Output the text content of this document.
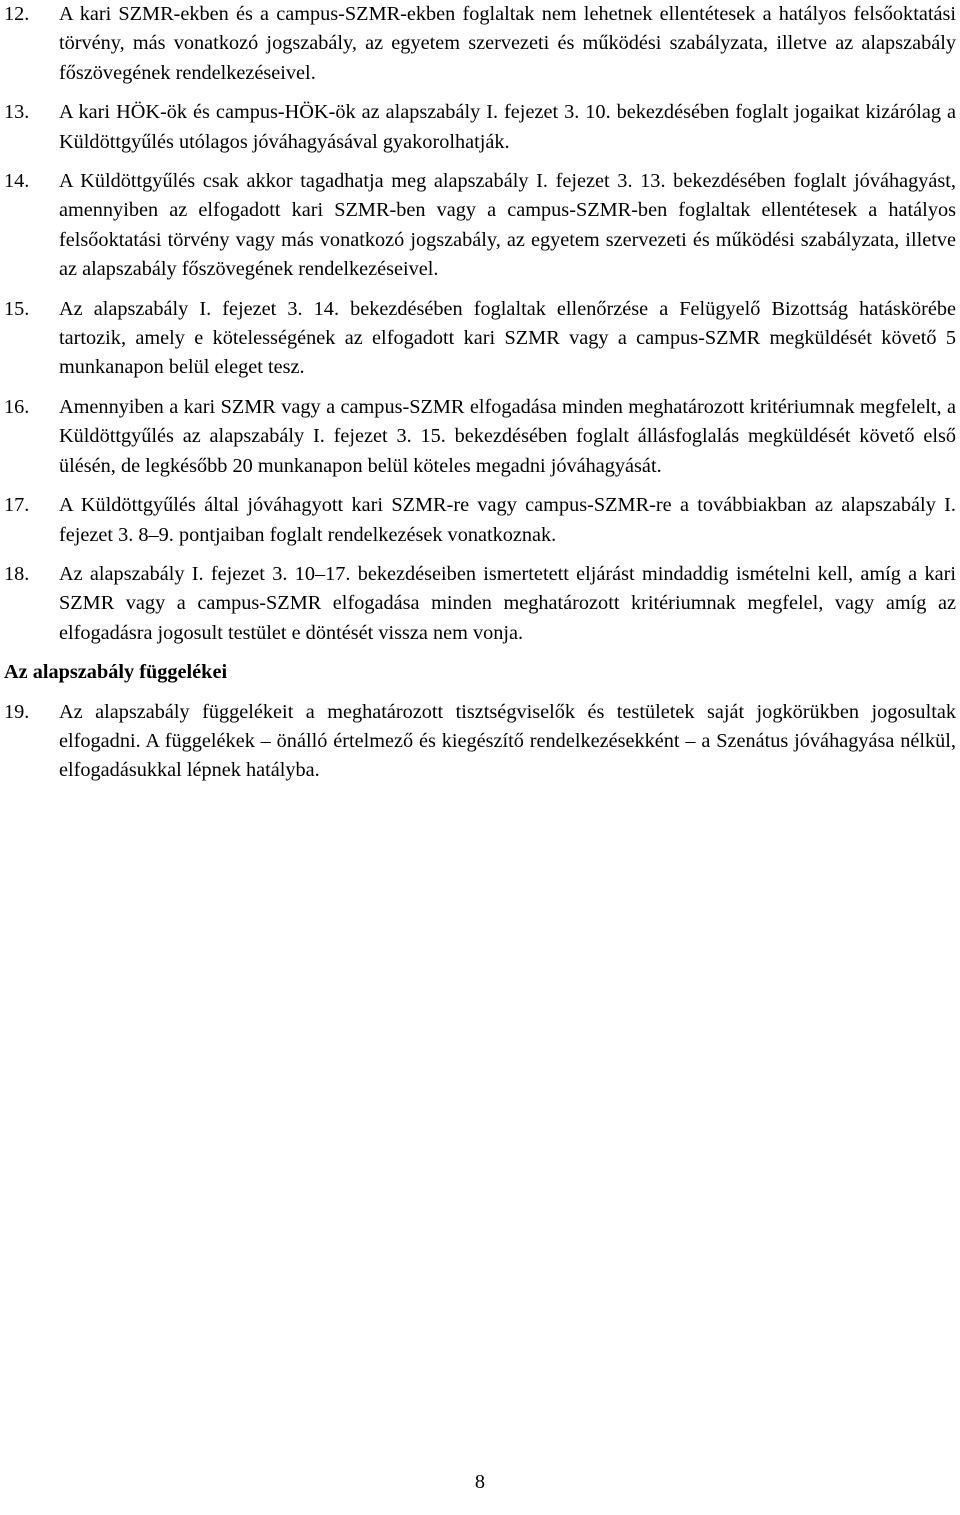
12.	A kari SZMR-ekben és a campus-SZMR-ekben foglaltak nem lehetnek ellentétesek a hatályos felsőoktatási törvény, más vonatkozó jogszabály, az egyetem szervezeti és működési szabályzata, illetve az alapszabály főszövegének rendelkezéseivel.
13.	A kari HÖK-ök és campus-HÖK-ök az alapszabály I. fejezet 3. 10. bekezdésében foglalt jogaikat kizárólag a Küldöttgyűlés utólagos jóváhagyásával gyakorolhatják.
14.	A Küldöttgyűlés csak akkor tagadhatja meg alapszabály I. fejezet 3. 13. bekezdésében foglalt jóváhagyást, amennyiben az elfogadott kari SZMR-ben vagy a campus-SZMR-ben foglaltak ellentétesek a hatályos felsőoktatási törvény vagy más vonatkozó jogszabály, az egyetem szervezeti és működési szabályzata, illetve az alapszabály főszövegének rendelkezéseivel.
15.	Az alapszabály I. fejezet 3. 14. bekezdésében foglaltak ellenőrzése a Felügyelő Bizottság hatáskörébe tartozik, amely e kötelességének az elfogadott kari SZMR vagy a campus-SZMR megküldését követő 5 munkanapon belül eleget tesz.
16.	Amennyiben a kari SZMR vagy a campus-SZMR elfogadása minden meghatározott kritériumnak megfelelt, a Küldöttgyűlés az alapszabály I. fejezet 3. 15. bekezdésében foglalt állásfoglalás megküldését követő első ülésén, de legkésőbb 20 munkanapon belül köteles megadni jóváhagyását.
17.	A Küldöttgyűlés által jóváhagyott kari SZMR-re vagy campus-SZMR-re a továbbiakban az alapszabály I. fejezet 3. 8–9. pontjaiban foglalt rendelkezések vonatkoznak.
18.	Az alapszabály I. fejezet 3. 10–17. bekezdéseiben ismertetett eljárást mindaddig ismételni kell, amíg a kari SZMR vagy a campus-SZMR elfogadása minden meghatározott kritériumnak megfelel, vagy amíg az elfogadásra jogosult testület e döntését vissza nem vonja.
Az alapszabály függelékei
19.	Az alapszabály függelékeit a meghatározott tisztségviselők és testületek saját jogkörükben jogosultak elfogadni. A függelékek – önálló értelmező és kiegészítő rendelkezésekként – a Szenátus jóváhagyása nélkül, elfogadásukkal lépnek hatályba.
8
